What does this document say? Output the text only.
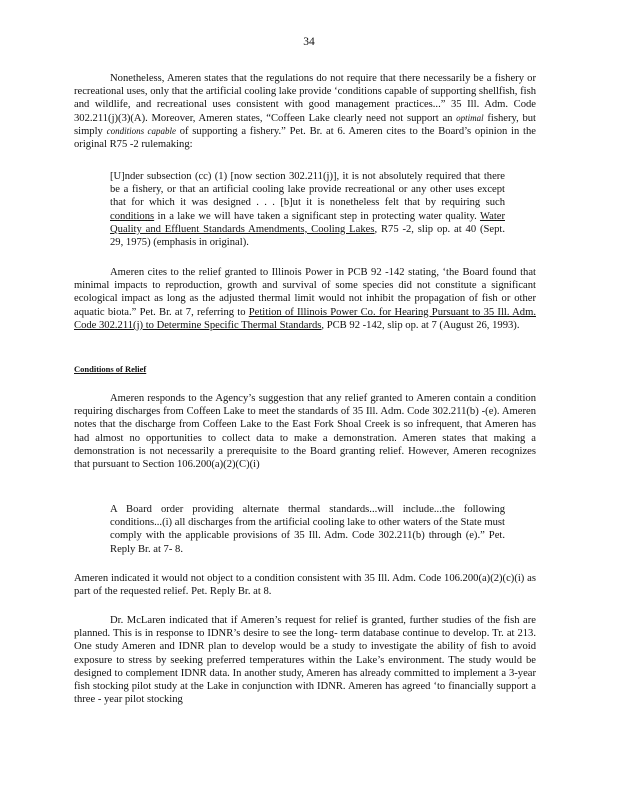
34
Nonetheless, Ameren states that the regulations do not require that there necessarily be a fishery or recreational uses, only that the artificial cooling lake provide ‘conditions capable of supporting shellfish, fish and wildlife, and recreational uses consistent with good management practices...” 35 Ill. Adm. Code 302.211(j)(3)(A). Moreover, Ameren states, “Coffeen Lake clearly need not support an optimal fishery, but simply conditions capable of supporting a fishery.” Pet. Br. at 6. Ameren cites to the Board’s opinion in the original R75 -2 rulemaking:
[U]nder subsection (cc) (1) [now section 302.211(j)], it is not absolutely required that there be a fishery, or that an artificial cooling lake provide recreational or any other uses except that for which it was designed . . . [b]ut it is nonetheless felt that by requiring such conditions in a lake we will have taken a significant step in protecting water quality. Water Quality and Effluent Standards Amendments, Cooling Lakes, R75 -2, slip op. at 40 (Sept. 29, 1975) (emphasis in original).
Ameren cites to the relief granted to Illinois Power in PCB 92 -142 stating, ‘the Board found that minimal impacts to reproduction, growth and survival of some species did not constitute a significant ecological impact as long as the adjusted thermal limit would not inhibit the propagation of fish or other aquatic biota.” Pet. Br. at 7, referring to Petition of Illinois Power Co. for Hearing Pursuant to 35 Ill. Adm. Code 302.211(j) to Determine Specific Thermal Standards, PCB 92 -142, slip op. at 7 (August 26, 1993).
Conditions of Relief
Ameren responds to the Agency’s suggestion that any relief granted to Ameren contain a condition requiring discharges from Coffeen Lake to meet the standards of 35 Ill. Adm. Code 302.211(b) -(e). Ameren notes that the discharge from Coffeen Lake to the East Fork Shoal Creek is so infrequent, that Ameren has had almost no opportunities to collect data to make a demonstration. Ameren states that making a demonstration is not necessarily a prerequisite to the Board granting relief. However, Ameren recognizes that pursuant to Section 106.200(a)(2)(C)(i)
A Board order providing alternate thermal standards...will include...the following conditions...(i) all discharges from the artificial cooling lake to other waters of the State must comply with the applicable provisions of 35 Ill. Adm. Code 302.211(b) through (e).” Pet. Reply Br. at 7- 8.
Ameren indicated it would not object to a condition consistent with 35 Ill. Adm. Code 106.200(a)(2)(c)(i) as part of the requested relief. Pet. Reply Br. at 8.
Dr. McLaren indicated that if Ameren’s request for relief is granted, further studies of the fish are planned. This is in response to IDNR’s desire to see the long- term database continue to develop. Tr. at 213. One study Ameren and IDNR plan to develop would be a study to investigate the ability of fish to avoid exposure to stress by seeking preferred temperatures within the Lake’s environment. The study would be designed to complement IDNR data. In another study, Ameren has already committed to implement a 3-year fish stocking pilot study at the Lake in conjunction with IDNR. Ameren has agreed ‘to financially support a three - year pilot stocking
